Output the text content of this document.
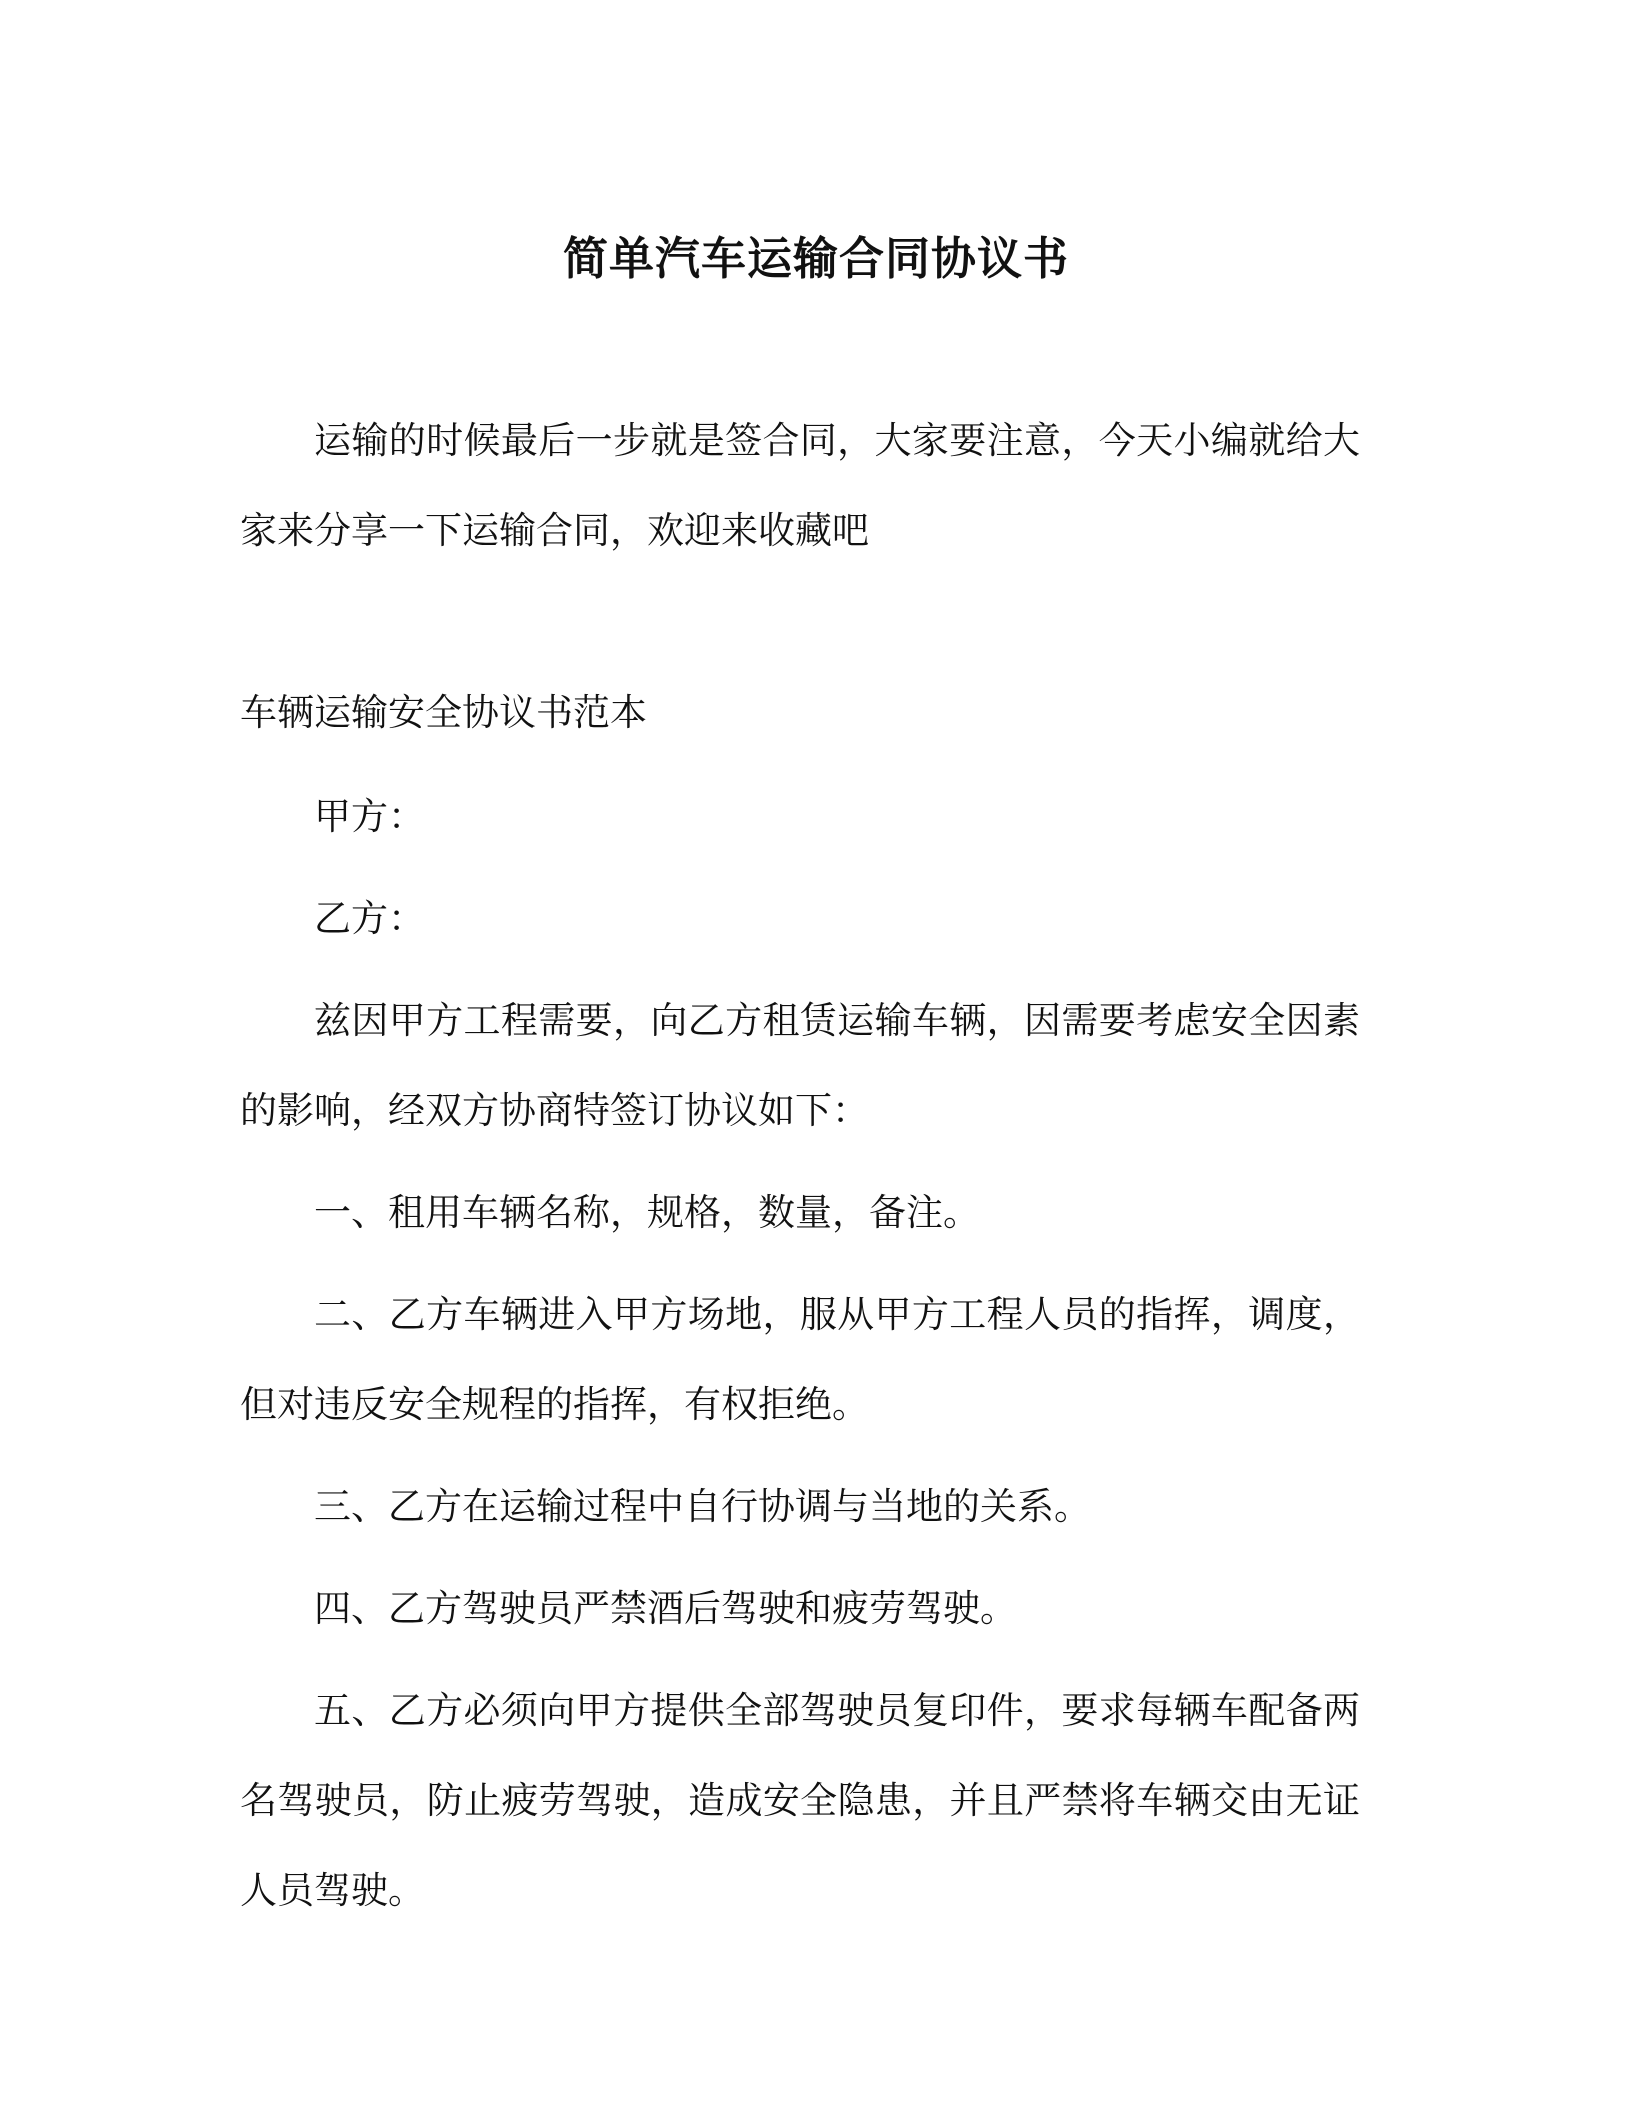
简单汽车运输合同协议书

运输的时候最后一步就是签合同，大家要注意，今天小编就给大家来分享一下运输合同，欢迎来收藏吧

车辆运输安全协议书范本

甲方：

乙方：

兹因甲方工程需要，向乙方租赁运输车辆，因需要考虑安全因素的影响，经双方协商特签订协议如下：

一、租用车辆名称，规格，数量，备注。

二、乙方车辆进入甲方场地，服从甲方工程人员的指挥，调度，但对违反安全规程的指挥，有权拒绝。

三、乙方在运输过程中自行协调与当地的关系。

四、乙方驾驶员严禁酒后驾驶和疲劳驾驶。

五、乙方必须向甲方提供全部驾驶员复印件，要求每辆车配备两名驾驶员，防止疲劳驾驶，造成安全隐患，并且严禁将车辆交由无证人员驾驶。
